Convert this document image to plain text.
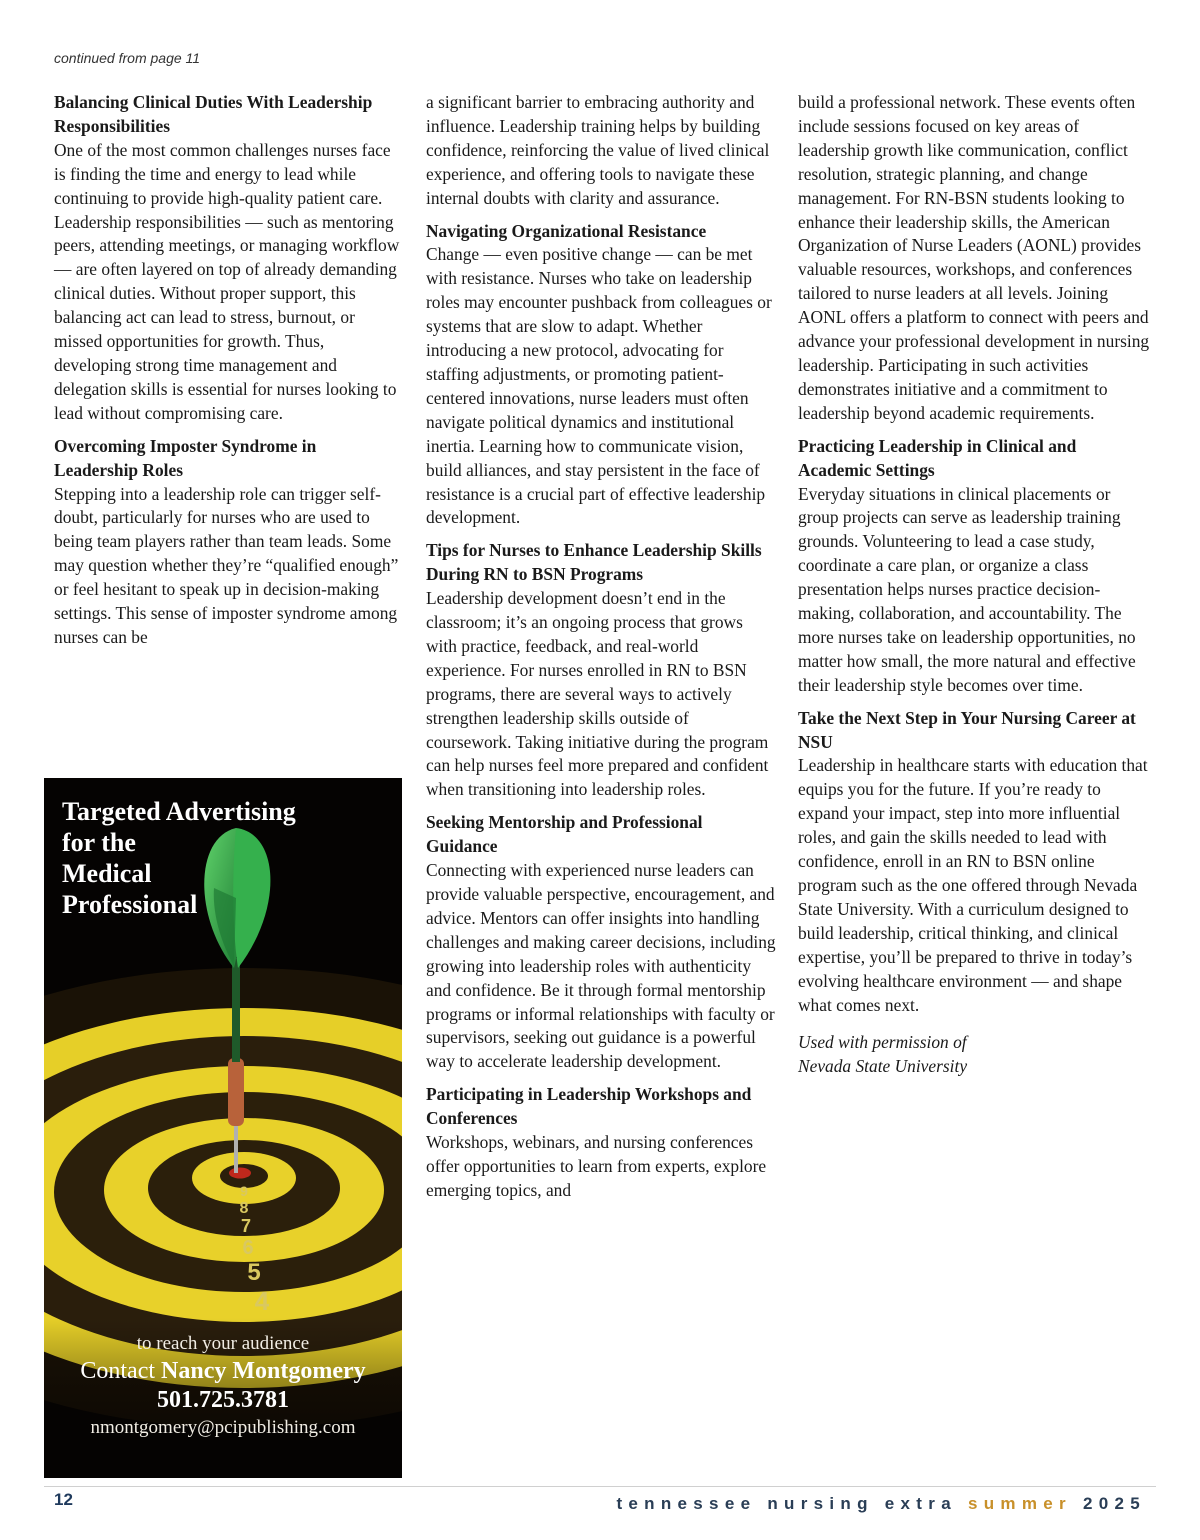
continued from page 11
Balancing Clinical Duties With Leadership Responsibilities

One of the most common challenges nurses face is finding the time and energy to lead while continuing to provide high-quality patient care. Leadership responsibilities — such as mentoring peers, attending meetings, or managing workflow — are often layered on top of already demanding clinical duties. Without proper support, this balancing act can lead to stress, burnout, or missed opportunities for growth. Thus, developing strong time management and delegation skills is essential for nurses looking to lead without compromising care.

Overcoming Imposter Syndrome in Leadership Roles

Stepping into a leadership role can trigger self-doubt, particularly for nurses who are used to being team players rather than team leads. Some may question whether they’re “qualified enough” or feel hesitant to speak up in decision-making settings. This sense of imposter syndrome among nurses can be

a significant barrier to embracing authority and influence. Leadership training helps by building confidence, reinforcing the value of lived clinical experience, and offering tools to navigate these internal doubts with clarity and assurance.

Navigating Organizational Resistance

Change — even positive change — can be met with resistance. Nurses who take on leadership roles may encounter pushback from colleagues or systems that are slow to adapt. Whether introducing a new protocol, advocating for staffing adjustments, or promoting patient-centered innovations, nurse leaders must often navigate political dynamics and institutional inertia. Learning how to communicate vision, build alliances, and stay persistent in the face of resistance is a crucial part of effective leadership development.

Tips for Nurses to Enhance Leadership Skills During RN to BSN Programs

Leadership development doesn’t end in the classroom; it’s an ongoing process that grows with practice, feedback, and real-world experience. For nurses enrolled in RN to BSN programs, there are several ways to actively strengthen leadership skills outside of coursework. Taking initiative during the program can help nurses feel more prepared and confident when transitioning into leadership roles.

Seeking Mentorship and Professional Guidance

Connecting with experienced nurse leaders can provide valuable perspective, encouragement, and advice. Mentors can offer insights into handling challenges and making career decisions, including growing into leadership roles with authenticity and confidence. Be it through formal mentorship programs or informal relationships with faculty or supervisors, seeking out guidance is a powerful way to accelerate leadership development.

Participating in Leadership Workshops and Conferences

Workshops, webinars, and nursing conferences offer opportunities to learn from experts, explore emerging topics, and

build a professional network. These events often include sessions focused on key areas of leadership growth like communication, conflict resolution, strategic planning, and change management. For RN-BSN students looking to enhance their leadership skills, the American Organization of Nurse Leaders (AONL) provides valuable resources, workshops, and conferences tailored to nurse leaders at all levels. Joining AONL offers a platform to connect with peers and advance your professional development in nursing leadership. Participating in such activities demonstrates initiative and a commitment to leadership beyond academic requirements.

Practicing Leadership in Clinical and Academic Settings

Everyday situations in clinical placements or group projects can serve as leadership training grounds. Volunteering to lead a case study, coordinate a care plan, or organize a class presentation helps nurses practice decision-making, collaboration, and accountability. The more nurses take on leadership opportunities, no matter how small, the more natural and effective their leadership style becomes over time.

Take the Next Step in Your Nursing Career at NSU

Leadership in healthcare starts with education that equips you for the future. If you’re ready to expand your impact, step into more influential roles, and gain the skills needed to lead with confidence, enroll in an RN to BSN online program such as the one offered through Nevada State University. With a curriculum designed to build leadership, critical thinking, and clinical expertise, you’ll be prepared to thrive in today’s evolving healthcare environment — and shape what comes next.

Used with permission of
Nevada State University
9
8
7
6
5
4
Targeted Advertising
for the
Medical
Professional
to reach your audience
Contact Nancy Montgomery
501.725.3781
nmontgomery@pcipublishing.com
12	tennessee nursing extra summer 2025
